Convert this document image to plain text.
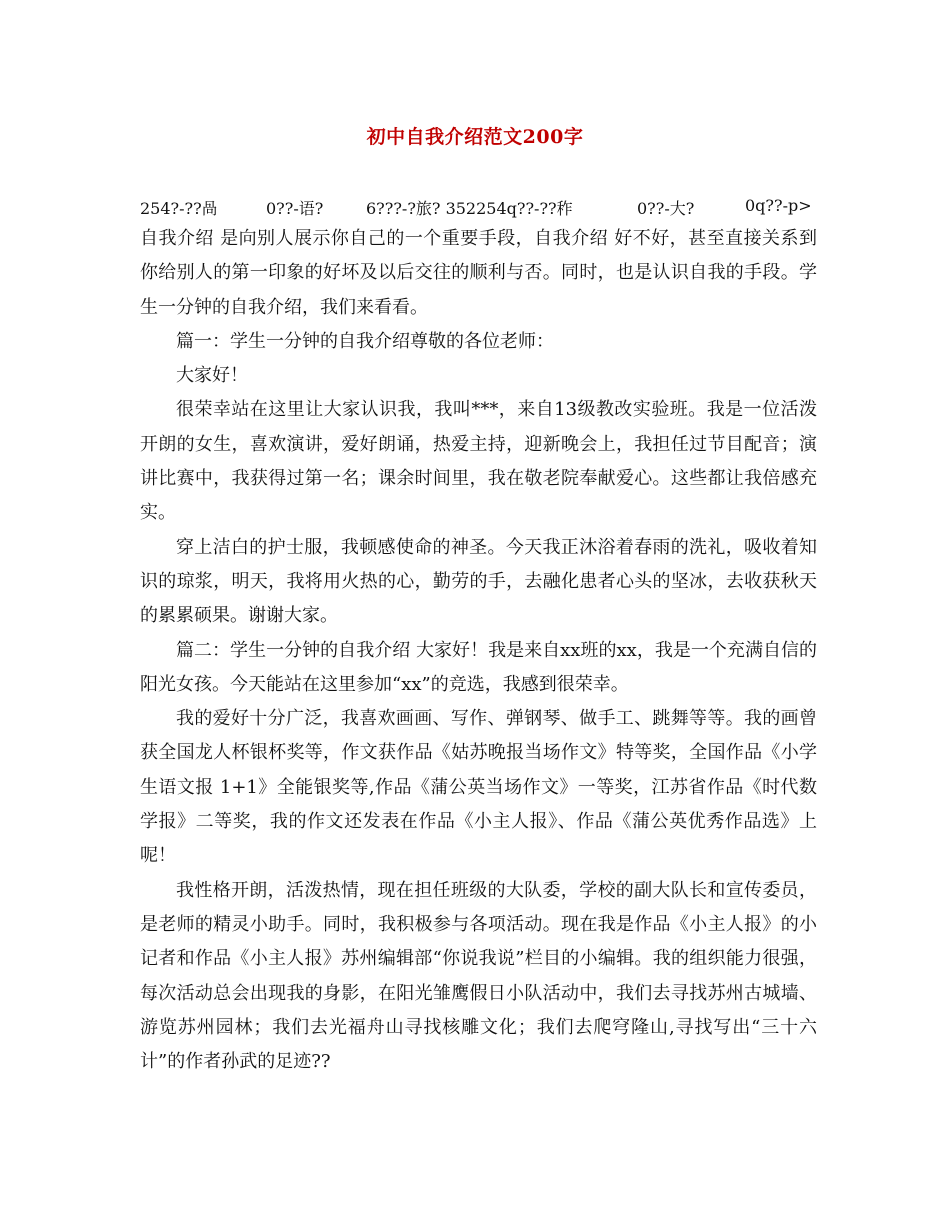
初中自我介绍范文200字
254?-??咼	0??-语?	6???-?旅? 352254q??-??秨	0??-大?	0q??-p>

自我介绍 是向别人展示你自己的一个重要手段，自我介绍 好不好，甚至直接关系到你给别人的第一印象的好坏及以后交往的顺利与否。同时，也是认识自我的手段。学生一分钟的自我介绍，我们来看看。

篇一：学生一分钟的自我介绍尊敬的各位老师：

大家好！

很荣幸站在这里让大家认识我，我叫***，来自13级教改实验班。我是一位活泼开朗的女生，喜欢演讲，爱好朗诵，热爱主持，迎新晚会上，我担任过节目配音；演讲比赛中，我获得过第一名；课余时间里，我在敬老院奉献爱心。这些都让我倍感充实。

穿上洁白的护士服，我顿感使命的神圣。今天我正沐浴着春雨的洗礼，吸收着知识的琼浆，明天，我将用火热的心，勤劳的手，去融化患者心头的坚冰，去收获秋天的累累硕果。谢谢大家。

篇二：学生一分钟的自我介绍 大家好！我是来自xx班的xx，我是一个充满自信的阳光女孩。今天能站在这里参加“xx”的竞选，我感到很荣幸。

我的爱好十分广泛，我喜欢画画、写作、弹钢琴、做手工、跳舞等等。我的画曾获全国龙人杯银杯奖等，作文获作品《姑苏晚报当场作文》特等奖，全国作品《小学生语文报 1+1》全能银奖等,作品《蒲公英当场作文》一等奖，江苏省作品《时代数学报》二等奖，我的作文还发表在作品《小主人报》、作品《蒲公英优秀作品选》上呢！

我性格开朗，活泼热情，现在担任班级的大队委，学校的副大队长和宣传委员，是老师的精灵小助手。同时，我积极参与各项活动。现在我是作品《小主人报》的小记者和作品《小主人报》苏州编辑部“你说我说”栏目的小编辑。我的组织能力很强，每次活动总会出现我的身影，在阳光雏鹰假日小队活动中，我们去寻找苏州古城墙、游览苏州园林；我们去光福舟山寻找核雕文化；我们去爬穹隆山,寻找写出“三十六计”的作者孙武的足迹??
